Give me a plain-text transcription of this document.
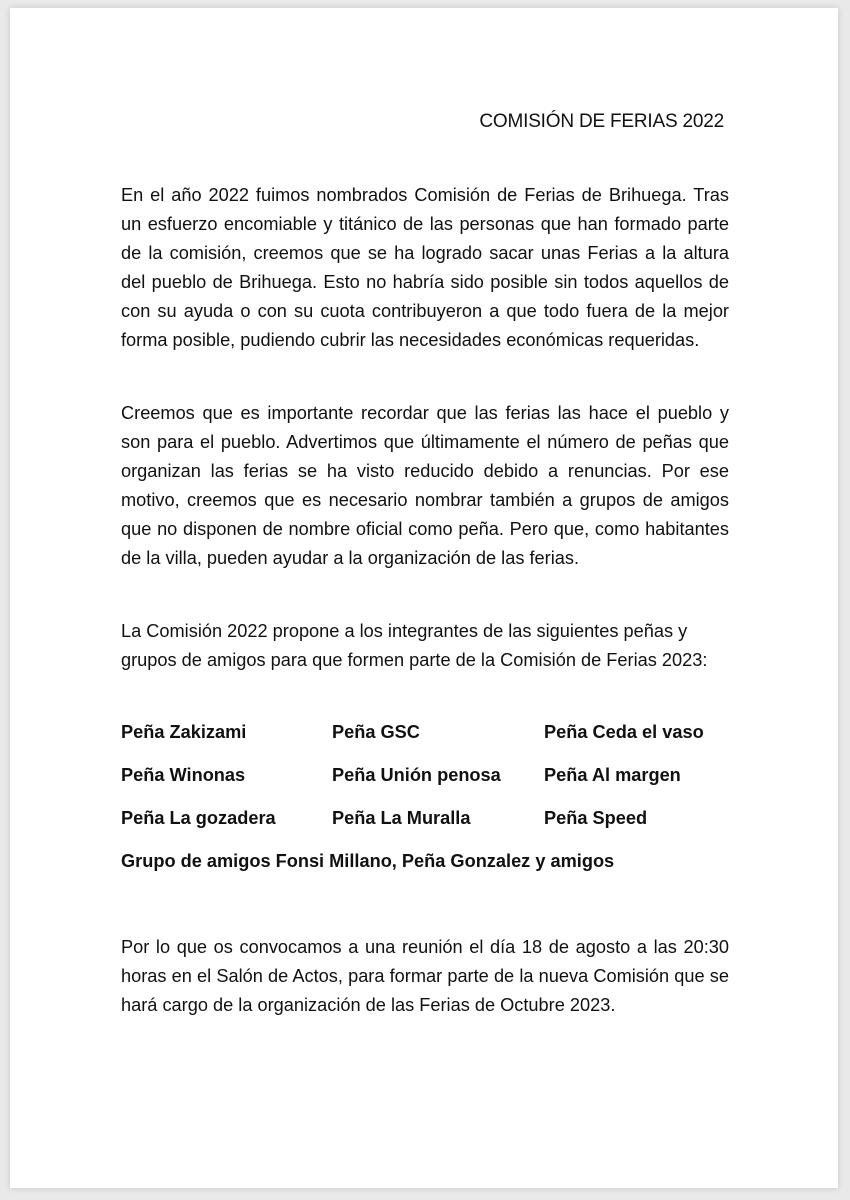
COMISIÓN DE FERIAS 2022

En el año 2022 fuimos nombrados Comisión de Ferias de Brihuega. Tras un esfuerzo encomiable y titánico de las personas que han formado parte de la comisión, creemos que se ha logrado sacar unas Ferias a la altura del pueblo de Brihuega. Esto no habría sido posible sin todos aquellos de con su ayuda o con su cuota contribuyeron a que todo fuera de la mejor forma posible, pudiendo cubrir las necesidades económicas requeridas.

Creemos que es importante recordar que las ferias las hace el pueblo y son para el pueblo. Advertimos que últimamente el número de peñas que organizan las ferias se ha visto reducido debido a renuncias. Por ese motivo, creemos que es necesario nombrar también a grupos de amigos que no disponen de nombre oficial como peña. Pero que, como habitantes de la villa, pueden ayudar a la organización de las ferias.

La Comisión 2022 propone a los integrantes de las siguientes peñas y grupos de amigos para que formen parte de la Comisión de Ferias 2023:

Peña Zakizami	Peña GSC	Peña Ceda el vaso
Peña Winonas	Peña Unión penosa	Peña Al margen
Peña La gozadera	Peña La Muralla	Peña Speed
Grupo de amigos Fonsi Millano, Peña Gonzalez y amigos

Por lo que os convocamos a una reunión el día 18 de agosto a las 20:30 horas en el Salón de Actos, para formar parte de la nueva Comisión que se hará cargo de la organización de las Ferias de Octubre 2023.
